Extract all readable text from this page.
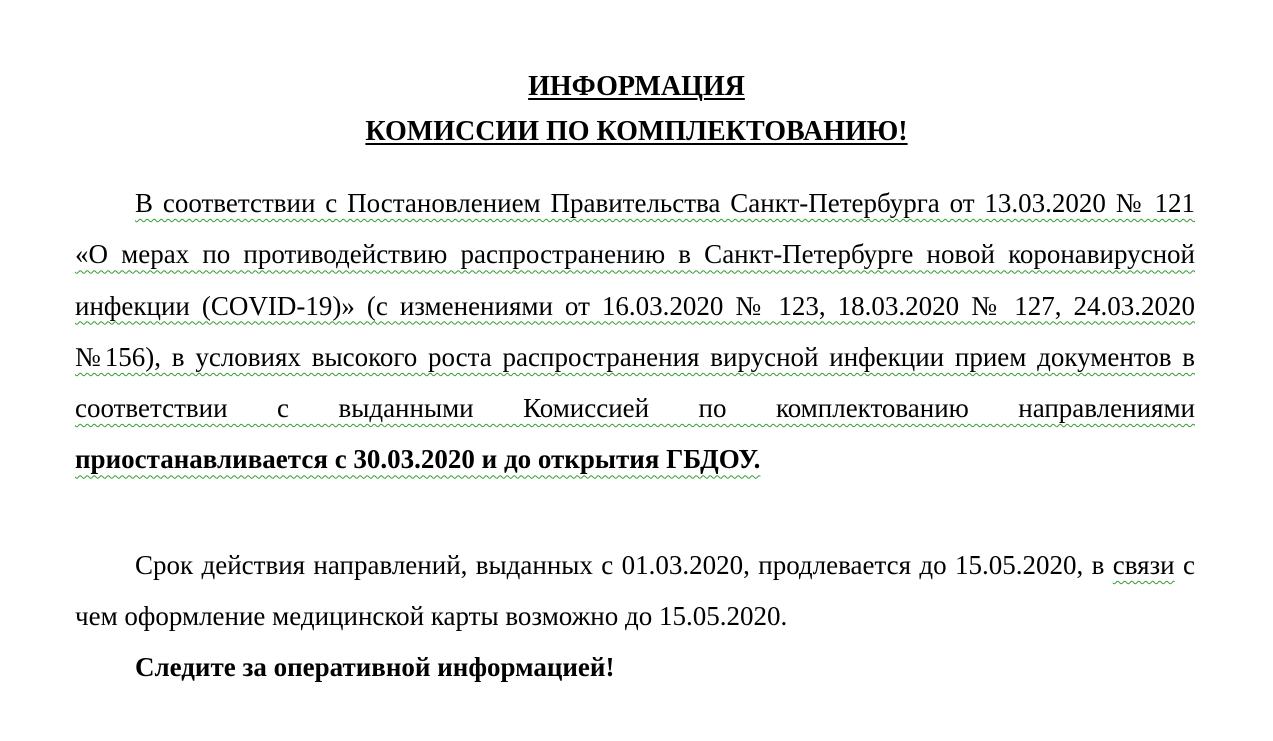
ИНФОРМАЦИЯ
КОМИССИИ ПО КОМПЛЕКТОВАНИЮ!
В соответствии с Постановлением Правительства Санкт-Петербурга от 13.03.2020 № 121 «О мерах по противодействию распространению в Санкт-Петербурге новой коронавирусной инфекции (COVID-19)» (с изменениями от 16.03.2020 № 123, 18.03.2020 № 127, 24.03.2020 №156), в условиях высокого роста распространения вирусной инфекции прием документов в соответствии с выданными Комиссией по комплектованию направлениями приостанавливается с 30.03.2020 и до открытия ГБДОУ.
Срок действия направлений, выданных с 01.03.2020, продлевается до 15.05.2020, в связи с чем оформление медицинской карты возможно до 15.05.2020.
Следите за оперативной информацией!
